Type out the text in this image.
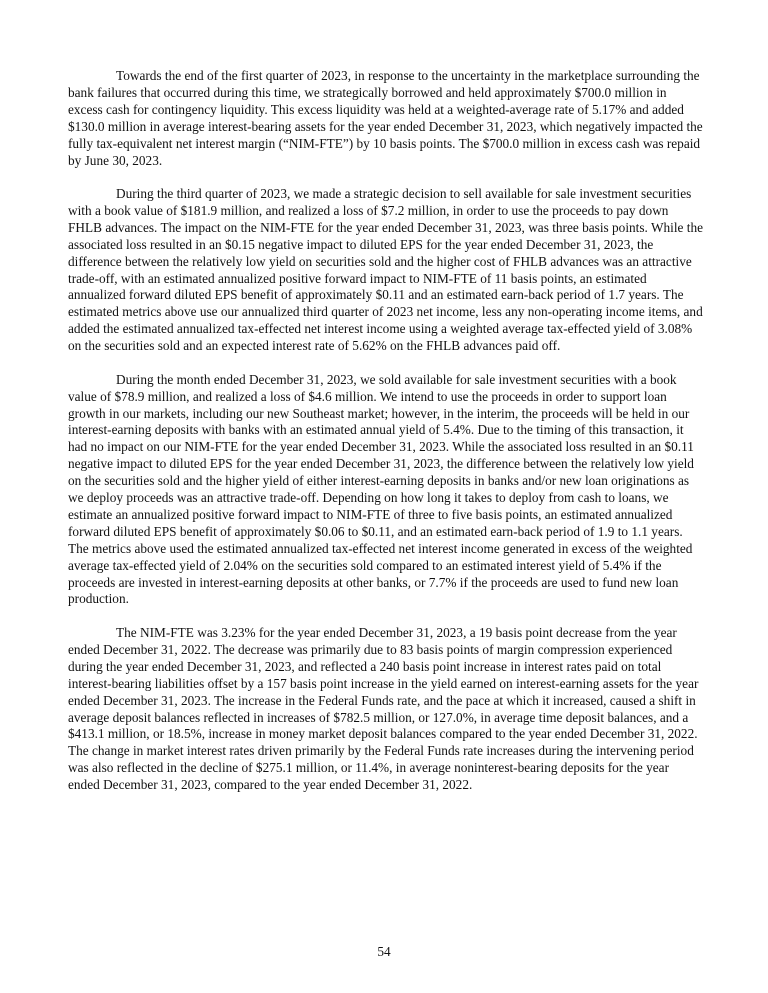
Towards the end of the first quarter of 2023, in response to the uncertainty in the marketplace surrounding the bank failures that occurred during this time, we strategically borrowed and held approximately $700.0 million in excess cash for contingency liquidity. This excess liquidity was held at a weighted-average rate of 5.17% and added $130.0 million in average interest-bearing assets for the year ended December 31, 2023, which negatively impacted the fully tax-equivalent net interest margin (“NIM-FTE”) by 10 basis points. The $700.0 million in excess cash was repaid by June 30, 2023.

During the third quarter of 2023, we made a strategic decision to sell available for sale investment securities with a book value of $181.9 million, and realized a loss of $7.2 million, in order to use the proceeds to pay down FHLB advances. The impact on the NIM-FTE for the year ended December 31, 2023, was three basis points. While the associated loss resulted in an $0.15 negative impact to diluted EPS for the year ended December 31, 2023, the difference between the relatively low yield on securities sold and the higher cost of FHLB advances was an attractive trade-off, with an estimated annualized positive forward impact to NIM-FTE of 11 basis points, an estimated annualized forward diluted EPS benefit of approximately $0.11 and an estimated earn-back period of 1.7 years. The estimated metrics above use our annualized third quarter of 2023 net income, less any non-operating income items, and added the estimated annualized tax-effected net interest income using a weighted average tax-effected yield of 3.08% on the securities sold and an expected interest rate of 5.62% on the FHLB advances paid off.

During the month ended December 31, 2023, we sold available for sale investment securities with a book value of $78.9 million, and realized a loss of $4.6 million. We intend to use the proceeds in order to support loan growth in our markets, including our new Southeast market; however, in the interim, the proceeds will be held in our interest-earning deposits with banks with an estimated annual yield of 5.4%. Due to the timing of this transaction, it had no impact on our NIM-FTE for the year ended December 31, 2023. While the associated loss resulted in an $0.11 negative impact to diluted EPS for the year ended December 31, 2023, the difference between the relatively low yield on the securities sold and the higher yield of either interest-earning deposits in banks and/or new loan originations as we deploy proceeds was an attractive trade-off. Depending on how long it takes to deploy from cash to loans, we estimate an annualized positive forward impact to NIM-FTE of three to five basis points, an estimated annualized forward diluted EPS benefit of approximately $0.06 to $0.11, and an estimated earn-back period of 1.9 to 1.1 years. The metrics above used the estimated annualized tax-effected net interest income generated in excess of the weighted average tax-effected yield of 2.04% on the securities sold compared to an estimated interest yield of 5.4% if the proceeds are invested in interest-earning deposits at other banks, or 7.7% if the proceeds are used to fund new loan production.

The NIM-FTE was 3.23% for the year ended December 31, 2023, a 19 basis point decrease from the year ended December 31, 2022. The decrease was primarily due to 83 basis points of margin compression experienced during the year ended December 31, 2023, and reflected a 240 basis point increase in interest rates paid on total interest-bearing liabilities offset by a 157 basis point increase in the yield earned on interest-earning assets for the year ended December 31, 2023. The increase in the Federal Funds rate, and the pace at which it increased, caused a shift in average deposit balances reflected in increases of $782.5 million, or 127.0%, in average time deposit balances, and a $413.1 million, or 18.5%, increase in money market deposit balances compared to the year ended December 31, 2022. The change in market interest rates driven primarily by the Federal Funds rate increases during the intervening period was also reflected in the decline of $275.1 million, or 11.4%, in average noninterest-bearing deposits for the year ended December 31, 2023, compared to the year ended December 31, 2022.

54
